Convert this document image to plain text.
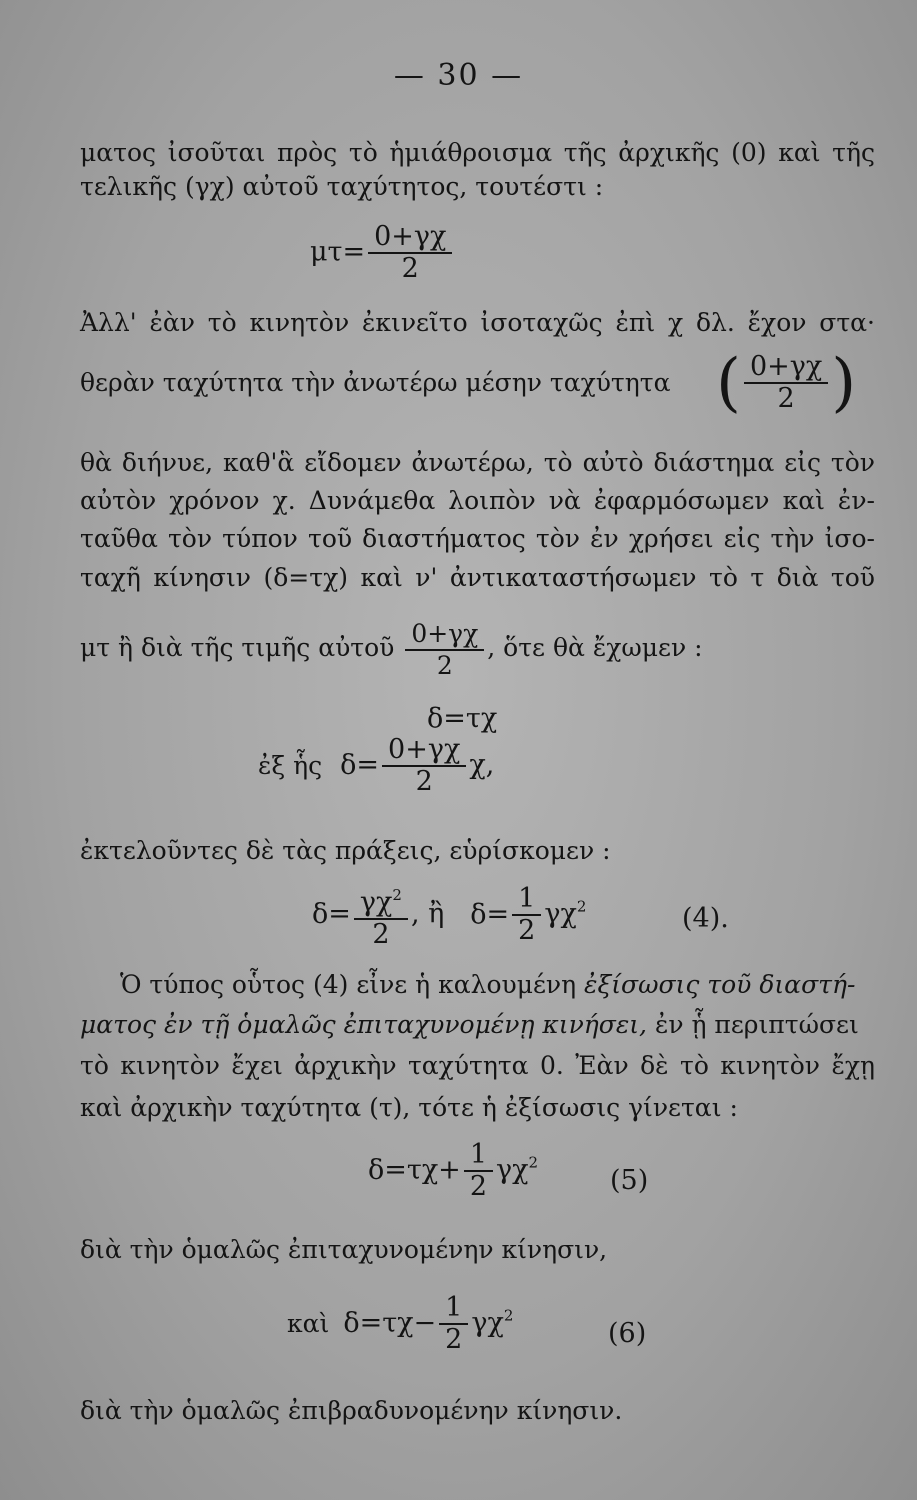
— 30 —
ματος ἰσοῦται πρὸς τὸ ἡμιάθροισμα τῆς ἀρχικῆς (0) καὶ τῆς
τελικῆς (γχ) αὐτοῦ ταχύτητος, τουτέστι :
$\mu\tau= \frac{0+\gamma\chi}{2}$
Ἀλλ' ἐὰν τὸ κινητὸν ἐκινεῖτο ἰσοταχῶς ἐπὶ χ δλ. ἔχον στα·
θερὰν ταχύτητα τὴν ἀνωτέρω μέσην ταχύτητα ( $\frac{0+\gamma\chi}{2}$ )
θὰ διήνυε, καθ'ἃ εἴδομεν ἀνωτέρω, τὸ αὐτὸ διάστημα εἰς τὸν
αὐτὸν χρόνον χ. Δυνάμεθα λοιπὸν νὰ ἐφαρμόσωμεν καὶ ἐν-
ταῦθα τὸν τύπον τοῦ διαστήματος τὸν ἐν χρήσει εἰς τὴν ἰσο-
ταχῆ κίνησιν (δ=τχ) καὶ ν' ἀντικαταστήσωμεν τὸ τ διὰ τοῦ
μτ ἢ διὰ τῆς τιμῆς αὐτοῦ $\frac{0+\gamma\chi}{2}$ , ὅτε θὰ ἔχωμεν :
δ=τχ
ἐξ ἧς $\delta= \frac{0+\gamma\chi}{2} \chi$,
ἐκτελοῦντες δὲ τὰς πράξεις, εὑρίσκομεν :
$\delta= \frac{\gamma\chi^2}{2}$ , ἢ $\delta= \frac{1}{2} \gamma\chi^2$	(4).
Ὁ τύπος οὗτος (4) εἶνε ἡ καλουμένη ἐξίσωσις τοῦ διαστή-
ματος ἐν τῇ ὁμαλῶς ἐπιταχυνομένῃ κινήσει, ἐν ᾗ περιπτώσει
τὸ κινητὸν ἔχει ἀρχικὴν ταχύτητα 0. Ἐὰν δὲ τὸ κινητὸν ἔχῃ
καὶ ἀρχικὴν ταχύτητα (τ), τότε ἡ ἐξίσωσις γίνεται :
$\delta=\tau\chi+ \frac{1}{2} \gamma\chi^2$
(5)
διὰ τὴν ὁμαλῶς ἐπιταχυνομένην κίνησιν,
καὶ $\delta=\tau\chi- \frac{1}{2} \gamma\chi^2$
(6)
διὰ τὴν ὁμαλῶς ἐπιβραδυνομένην κίνησιν.
